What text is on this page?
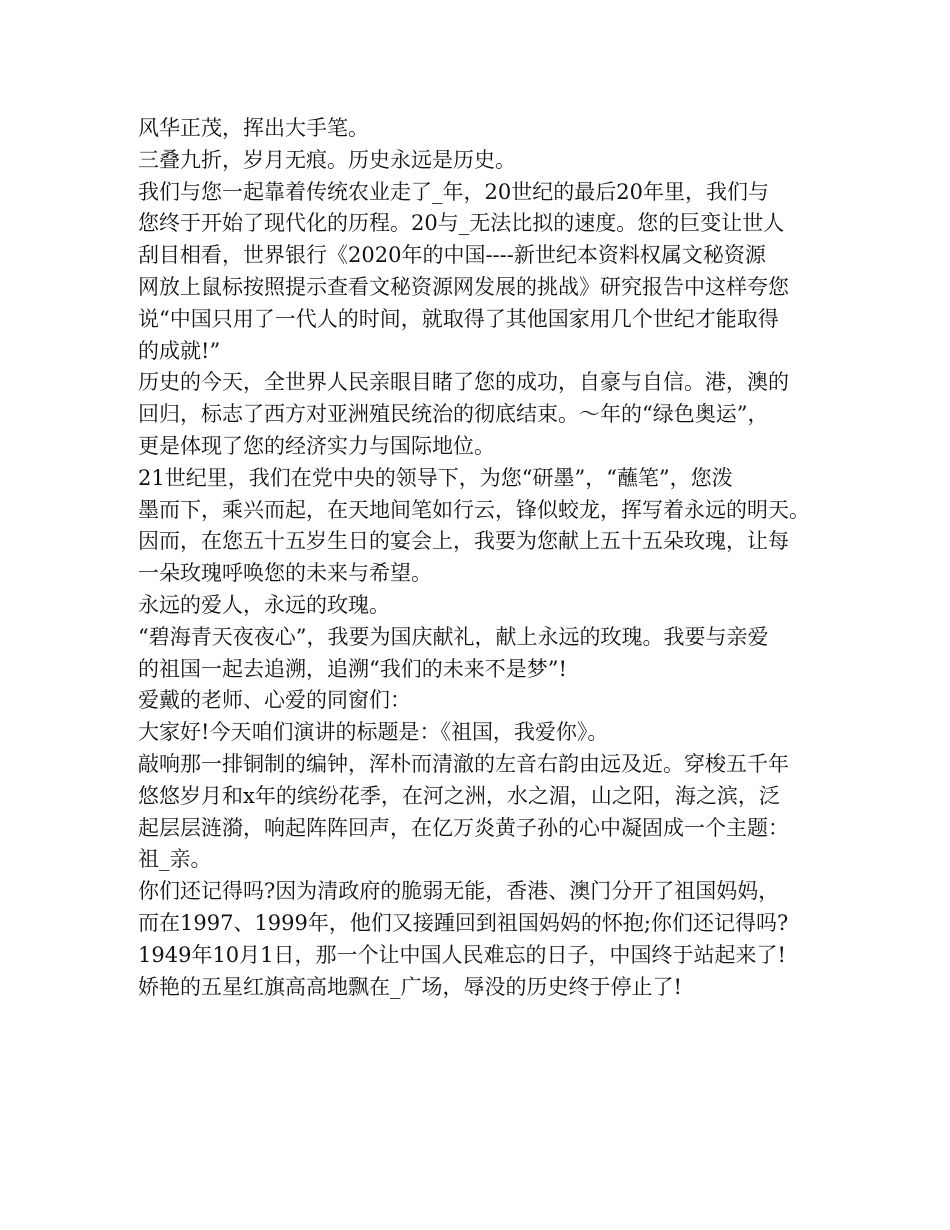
风华正茂，挥出大手笔。

三叠九折，岁月无痕。历史永远是历史。

我们与您一起靠着传统农业走了_年，20世纪的最后20年里，我们与

您终于开始了现代化的历程。20与_无法比拟的速度。您的巨变让世人

刮目相看，世界银行《2020年的中国----新世纪本资料权属文秘资源

网放上鼠标按照提示查看文秘资源网发展的挑战》研究报告中这样夸您

说“中国只用了一代人的时间，就取得了其他国家用几个世纪才能取得

的成就!”

历史的今天，全世界人民亲眼目睹了您的成功，自豪与自信。港，澳的

回归，标志了西方对亚洲殖民统治的彻底结束。～年的“绿色奥运”，

更是体现了您的经济实力与国际地位。

21世纪里，我们在党中央的领导下，为您“研墨”，“蘸笔”，您泼

墨而下，乘兴而起，在天地间笔如行云，锋似蛟龙，挥写着永远的明天。

因而，在您五十五岁生日的宴会上，我要为您献上五十五朵玫瑰，让每

一朵玫瑰呼唤您的未来与希望。

永远的爱人，永远的玫瑰。

“碧海青天夜夜心”，我要为国庆献礼，献上永远的玫瑰。我要与亲爱

的祖国一起去追溯，追溯“我们的未来不是梦”!

爱戴的老师、心爱的同窗们：

大家好!今天咱们演讲的标题是：《祖国，我爱你》。

敲响那一排铜制的编钟，浑朴而清澈的左音右韵由远及近。穿梭五千年

悠悠岁月和x年的缤纷花季，在河之洲，水之湄，山之阳，海之滨，泛

起层层涟漪，响起阵阵回声，在亿万炎黄子孙的心中凝固成一个主题：

祖_亲。

你们还记得吗?因为清政府的脆弱无能，香港、澳门分开了祖国妈妈，

而在1997、1999年，他们又接踵回到祖国妈妈的怀抱;你们还记得吗?

1949年10月1日，那一个让中国人民难忘的日子，中国终于站起来了!

娇艳的五星红旗高高地飘在_广场，辱没的历史终于停止了!
